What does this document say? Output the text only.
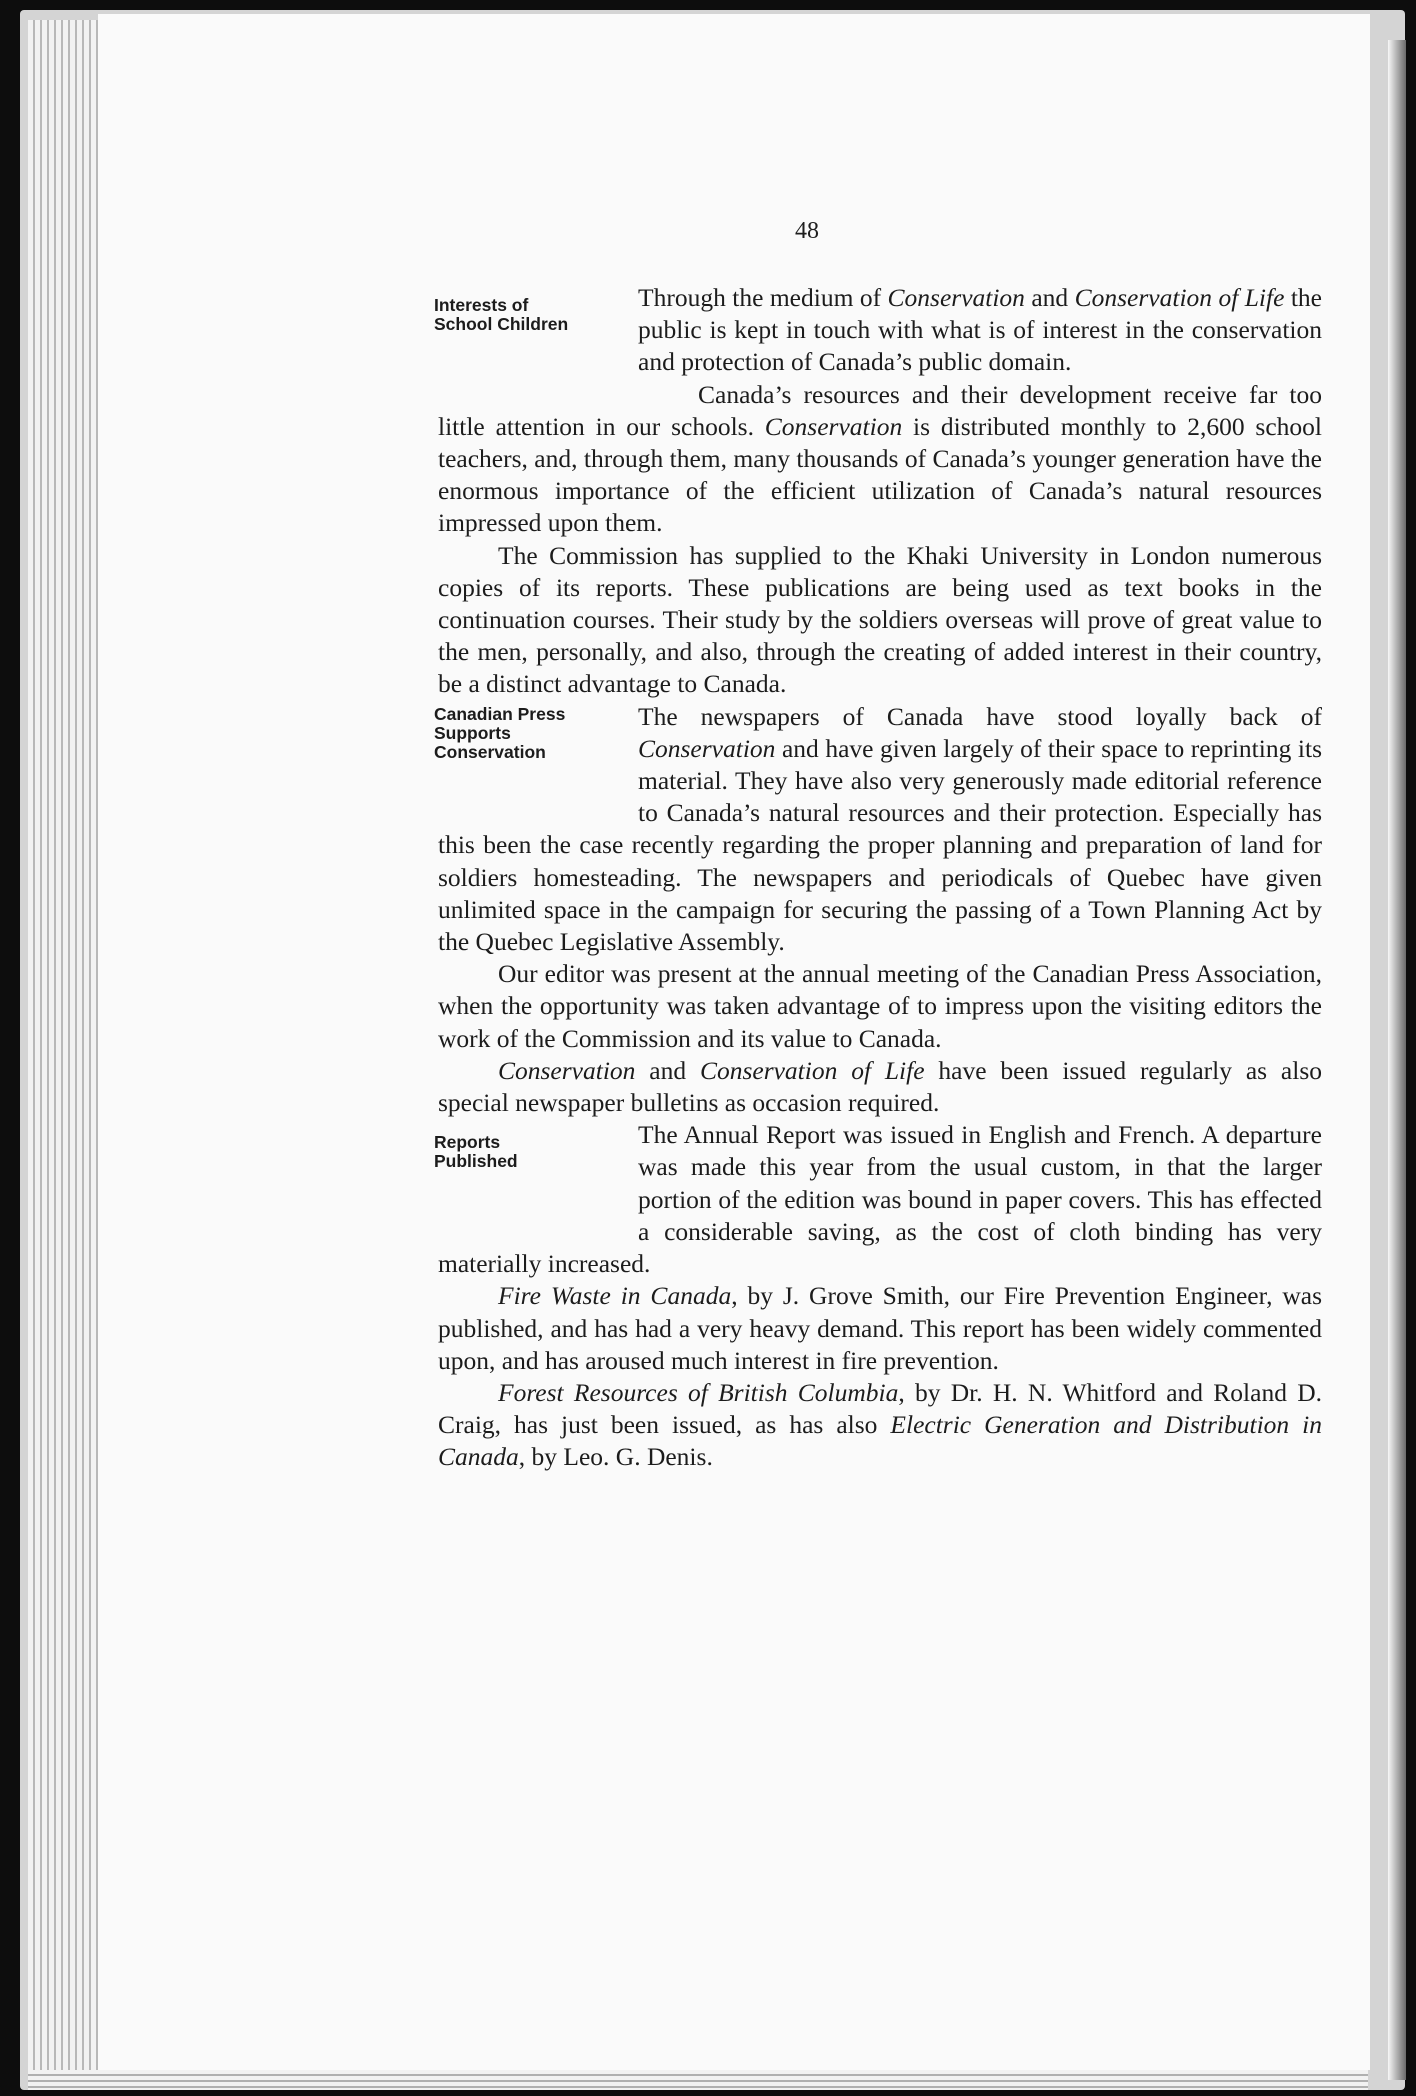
48
Interests of
School Children

Through the medium of Conservation and Conservation of Life the public is kept in touch with what is of interest in the conservation and protection of Canada’s public domain.

Canada’s resources and their development receive far too little attention in our schools. Conservation is distributed monthly to 2,600 school teachers, and, through them, many thousands of Canada’s younger generation have the enormous importance of the efficient utilization of Canada’s natural resources impressed upon them.

The Commission has supplied to the Khaki University in London numerous copies of its reports. These publications are being used as text books in the continuation courses. Their study by the soldiers overseas will prove of great value to the men, personally, and also, through the creating of added interest in their country, be a distinct advantage to Canada.

Canadian Press
Supports
Conservation

The newspapers of Canada have stood loyally back of Conservation and have given largely of their space to reprinting its material. They have also very generously made editorial reference to Canada’s natural resources and their protection. Especially has this been the case recently regarding the proper planning and preparation of land for soldiers homesteading. The newspapers and periodicals of Quebec have given unlimited space in the campaign for securing the passing of a Town Planning Act by the Quebec Legislative Assembly.

Our editor was present at the annual meeting of the Canadian Press Association, when the opportunity was taken advantage of to impress upon the visiting editors the work of the Commission and its value to Canada.

Conservation and Conservation of Life have been issued regularly as also special newspaper bulletins as occasion required.

Reports
Published

The Annual Report was issued in English and French. A departure was made this year from the usual custom, in that the larger portion of the edition was bound in paper covers. This has effected a considerable saving, as the cost of cloth binding has very materially increased.

Fire Waste in Canada, by J. Grove Smith, our Fire Prevention Engineer, was published, and has had a very heavy demand. This report has been widely commented upon, and has aroused much interest in fire prevention.

Forest Resources of British Columbia, by Dr. H. N. Whitford and Roland D. Craig, has just been issued, as has also Electric Generation and Distribution in Canada, by Leo. G. Denis.
